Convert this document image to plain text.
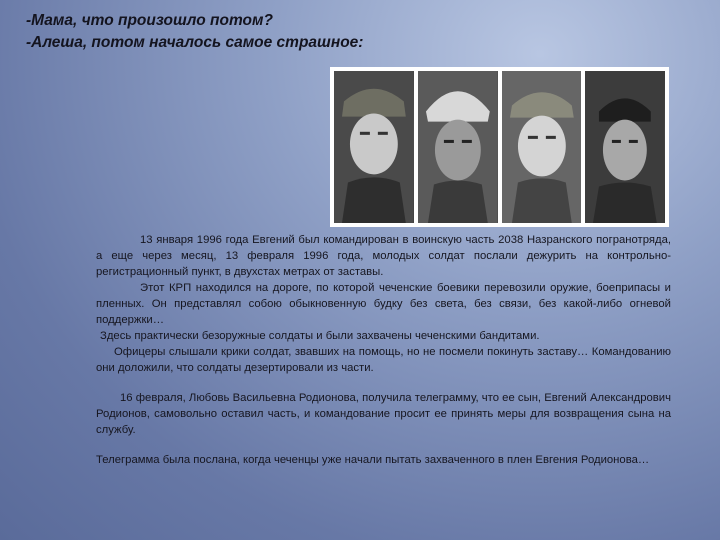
-Мама, что произошло потом?
-Алеша, потом началось самое страшное:

13 января 1996 года Евгений был командирован в воинскую часть 2038 Назранского погранотряда, а еще через месяц, 13 февраля 1996 года, молодых солдат послали дежурить на контрольно-регистрационный пункт, в двухстах метрах от заставы.

Этот КРП находился на дороге, по которой чеченские боевики перевозили оружие, боеприпасы и пленных. Он представлял собою обыкновенную будку без света, без связи, без какой-либо огневой поддержки…

Здесь практически безоружные солдаты и были захвачены чеченскими бандитами.

Офицеры слышали крики солдат, звавших на помощь, но не посмели покинуть заставу… Командованию они доложили, что солдаты дезертировали из части.

16 февраля, Любовь Васильевна Родионова, получила телеграмму, что ее сын, Евгений Александрович Родионов, самовольно оставил часть, и командование просит ее принять меры для возвращения сына на службу.

Телеграмма была послана, когда чеченцы уже начали пытать захваченного в плен Евгения Родионова…
